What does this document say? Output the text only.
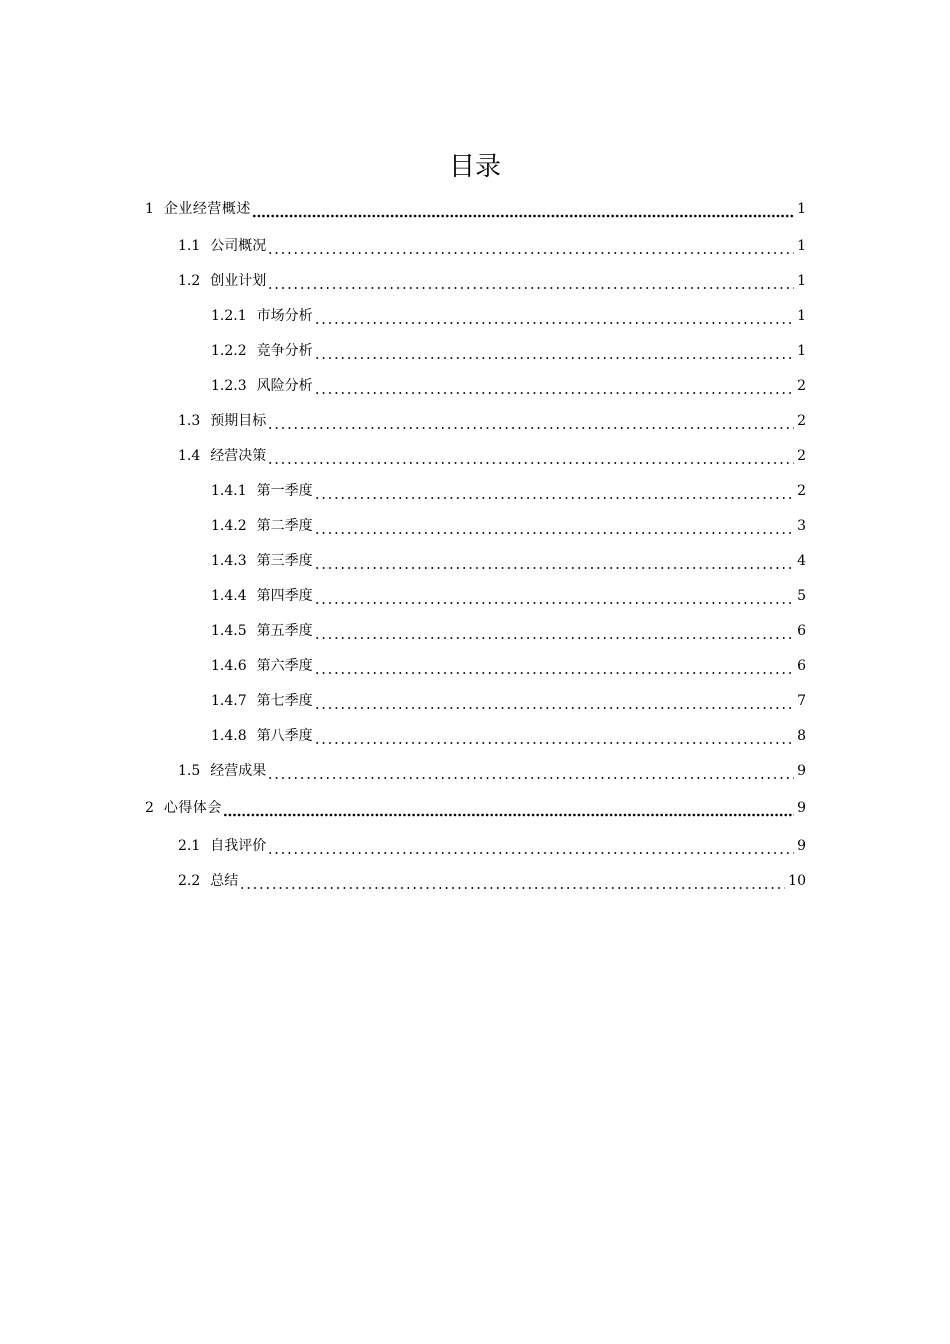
目录
1 企业经营概述	1
1.1 公司概况	1
1.2 创业计划	1
1.2.1 市场分析	1
1.2.2 竞争分析	1
1.2.3 风险分析	2
1.3 预期目标	2
1.4 经营决策	2
1.4.1 第一季度	2
1.4.2 第二季度	3
1.4.3 第三季度	4
1.4.4 第四季度	5
1.4.5 第五季度	6
1.4.6 第六季度	6
1.4.7 第七季度	7
1.4.8 第八季度	8
1.5 经营成果	9
2 心得体会	9
2.1 自我评价	9
2.2 总结	10
